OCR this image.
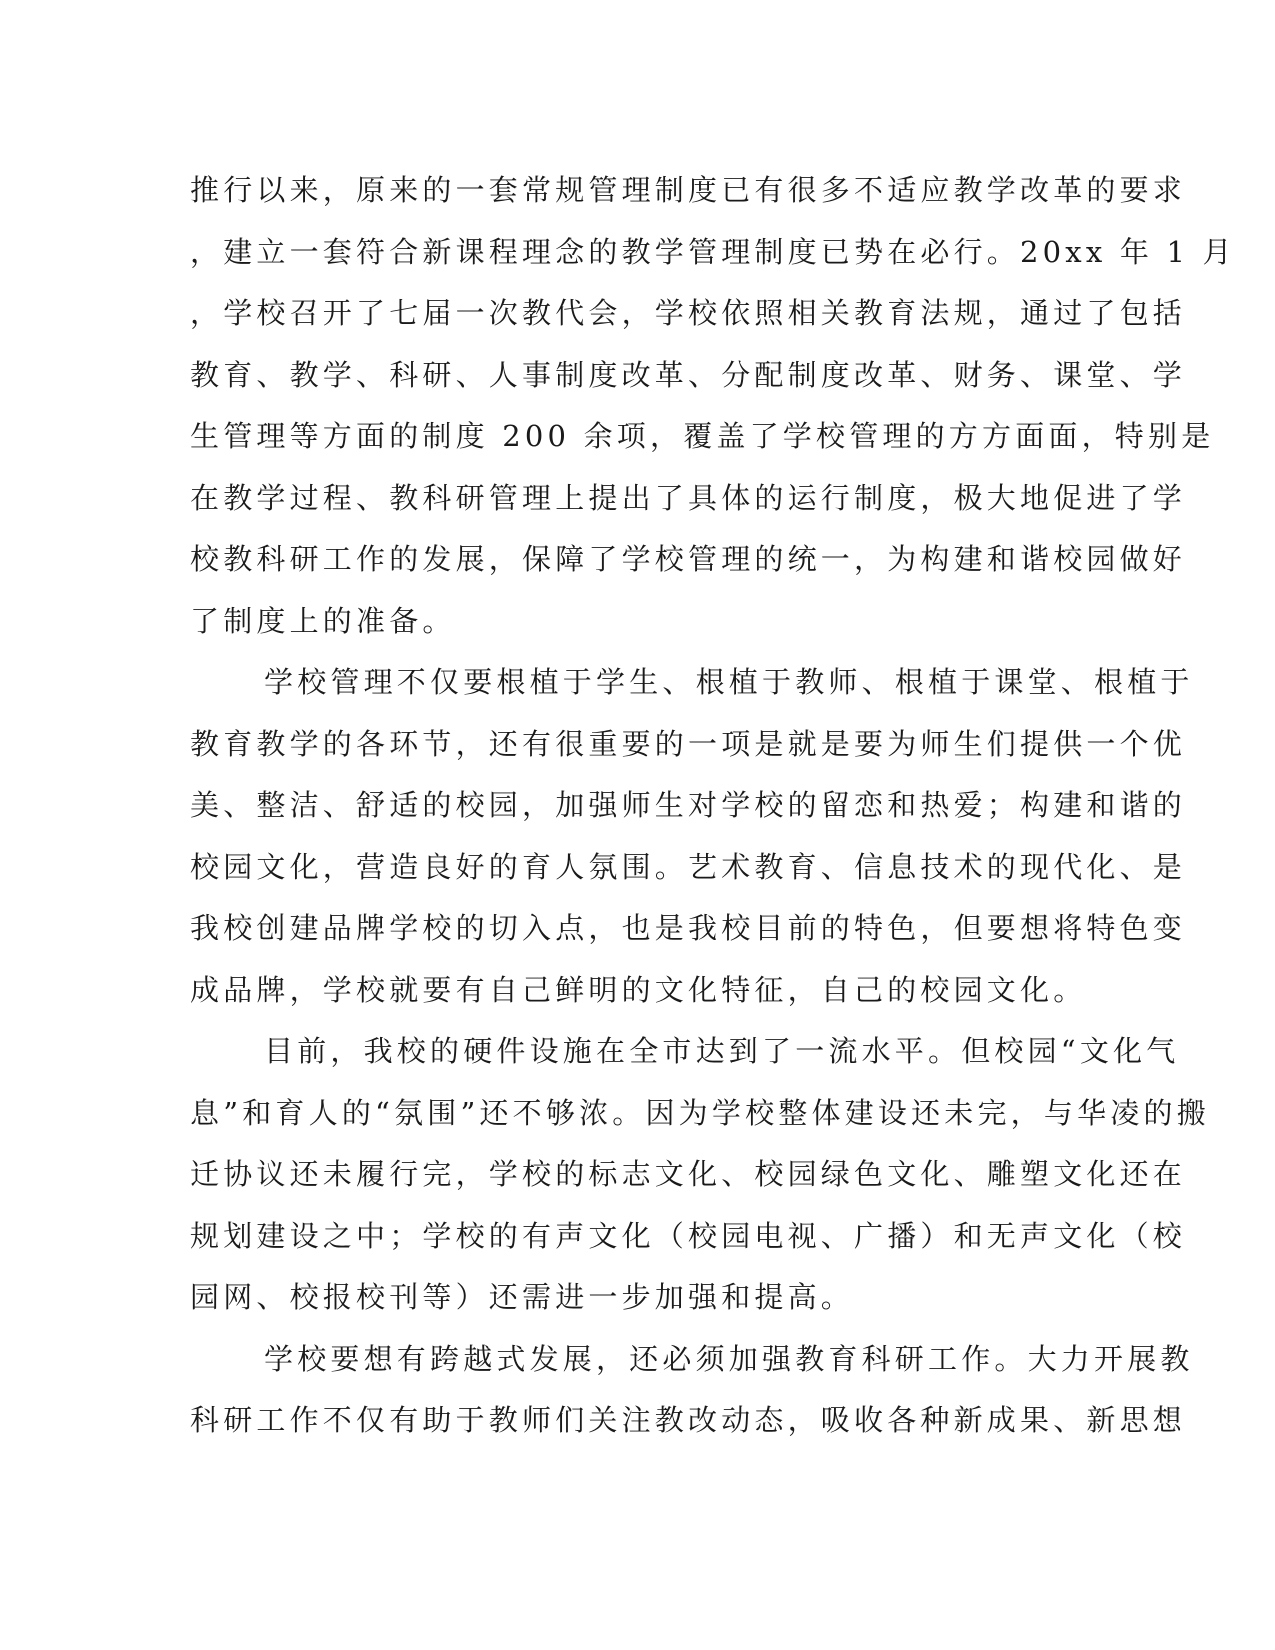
推行以来，原来的一套常规管理制度已有很多不适应教学改革的要求
，建立一套符合新课程理念的教学管理制度已势在必行。20xx 年 1 月
，学校召开了七届一次教代会，学校依照相关教育法规，通过了包括
教育、教学、科研、人事制度改革、分配制度改革、财务、课堂、学
生管理等方面的制度 200 余项，覆盖了学校管理的方方面面，特别是
在教学过程、教科研管理上提出了具体的运行制度，极大地促进了学
校教科研工作的发展，保障了学校管理的统一，为构建和谐校园做好
了制度上的准备。
学校管理不仅要根植于学生、根植于教师、根植于课堂、根植于
教育教学的各环节，还有很重要的一项是就是要为师生们提供一个优
美、整洁、舒适的校园，加强师生对学校的留恋和热爱；构建和谐的
校园文化，营造良好的育人氛围。艺术教育、信息技术的现代化、是
我校创建品牌学校的切入点，也是我校目前的特色，但要想将特色变
成品牌，学校就要有自己鲜明的文化特征，自己的校园文化。
目前，我校的硬件设施在全市达到了一流水平。但校园“文化气
息”和育人的“氛围”还不够浓。因为学校整体建设还未完，与华凌的搬
迁协议还未履行完，学校的标志文化、校园绿色文化、雕塑文化还在
规划建设之中；学校的有声文化（校园电视、广播）和无声文化（校
园网、校报校刊等）还需进一步加强和提高。
学校要想有跨越式发展，还必须加强教育科研工作。大力开展教
科研工作不仅有助于教师们关注教改动态，吸收各种新成果、新思想
